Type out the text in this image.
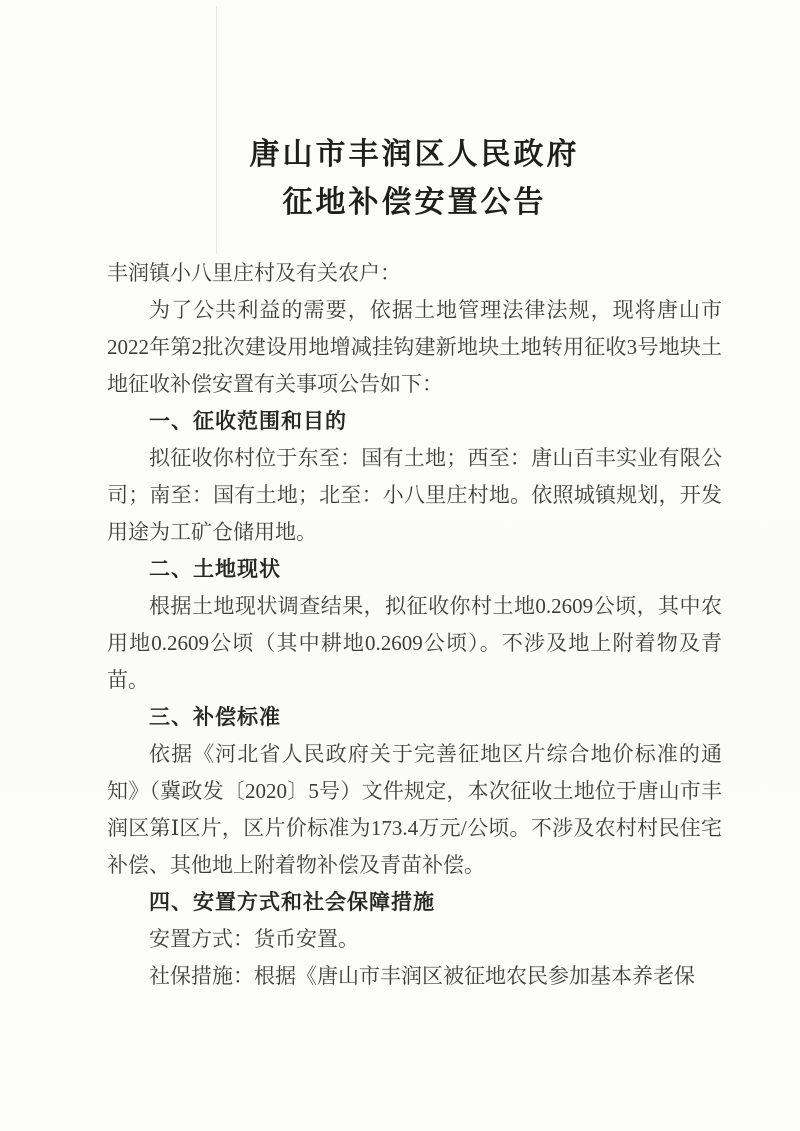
唐山市丰润区人民政府
征地补偿安置公告

丰润镇小八里庄村及有关农户：

为了公共利益的需要，依据土地管理法律法规，现将唐山市2022年第2批次建设用地增减挂钩建新地块土地转用征收3号地块土地征收补偿安置有关事项公告如下：

一、征收范围和目的

拟征收你村位于东至：国有土地；西至：唐山百丰实业有限公司；南至：国有土地；北至：小八里庄村地。依照城镇规划，开发用途为工矿仓储用地。

二、土地现状

根据土地现状调查结果，拟征收你村土地0.2609公顷，其中农用地0.2609公顷（其中耕地0.2609公顷）。不涉及地上附着物及青苗。

三、补偿标准

依据《河北省人民政府关于完善征地区片综合地价标准的通知》（冀政发〔2020〕5号）文件规定，本次征收土地位于唐山市丰润区第Ⅰ区片，区片价标准为173.4万元/公顷。不涉及农村村民住宅补偿、其他地上附着物补偿及青苗补偿。

四、安置方式和社会保障措施

安置方式：货币安置。

社保措施：根据《唐山市丰润区被征地农民参加基本养老保
